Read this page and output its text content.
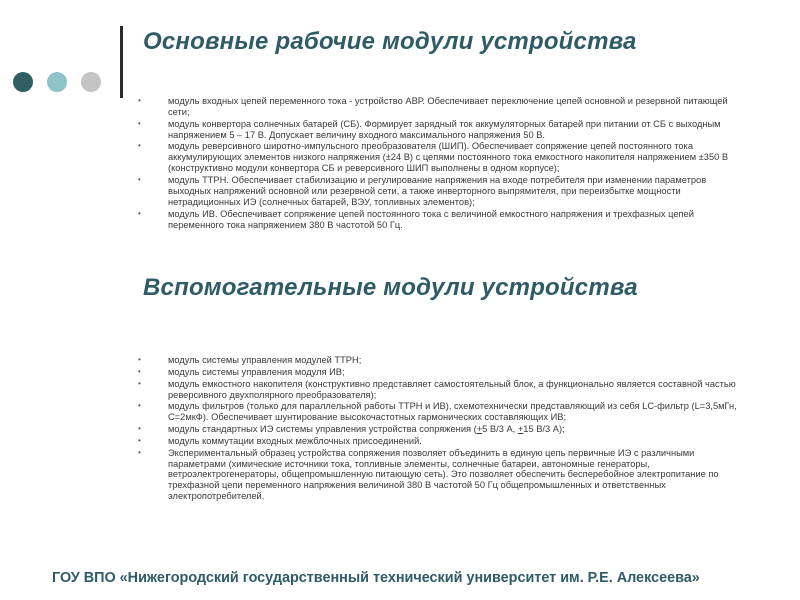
Основные рабочие модули устройства
• модуль входных цепей переменного тока - устройство АВР. Обеспечивает переключение цепей основной и резервной питающей сети;
• модуль конвертора солнечных батарей (СБ). Формирует зарядный ток аккумуляторных батарей при питании от СБ с выходным напряжением 5 – 17 В. Допускает величину входного максимального напряжения 50 В.
• модуль реверсивного широтно-импульсного преобразователя (ШИП). Обеспечивает сопряжение цепей постоянного тока аккумулирующих элементов низкого напряжения (±24 В) с цепями постоянного тока емкостного накопителя напряжением ±350 В (конструктивно модули конвертора СБ и реверсивного ШИП выполнены в одном корпусе);
• модуль ТТРН. Обеспечивает стабилизацию и регулирование напряжения на входе потребителя при изменении параметров выходных напряжений основной или резервной сети, а также инверторного выпрямителя, при переизбытке мощности нетрадиционных ИЭ (солнечных батарей, ВЭУ, топливных элементов);
• модуль ИВ. Обеспечивает сопряжение цепей постоянного тока с величиной емкостного напряжения и трехфазных цепей переменного тока напряжением 380 В частотой 50 Гц.
Вспомогательные модули устройства
• модуль системы управления модулей ТТРН;
• модуль системы управления модуля ИВ;
• модуль емкостного накопителя (конструктивно представляет самостоятельный блок, а функционально является составной частью реверсивного двухполярного преобразователя);
• модуль фильтров (только для параллельной работы ТТРН и ИВ), схемотехнически представляющий из себя LC-фильтр (L=3,5мГн, С=2мкФ). Обеспечивает шунтирование высокочастотных гармонических составляющих ИВ;
• модуль стандартных ИЭ системы управления устройства сопряжения (+5 В/3 А, +15 В/3 А);
• модуль коммутации входных межблочных присоединений.
• Экспериментальный образец устройства сопряжения позволяет объединить в единую цепь первичные ИЭ с различными параметрами (химические источники тока, топливные элементы, солнечные батареи, автономные генераторы, ветроэлектрогенераторы, общепромышленную питающую сеть). Это позволяет обеспечить бесперебойное электропитание по трехфазной цепи переменного напряжения величиной 380 В частотой 50 Гц общепромышленных и ответственных электропотребителей.

ГОУ ВПО «Нижегородский государственный технический университет им. Р.Е. Алексеева»
